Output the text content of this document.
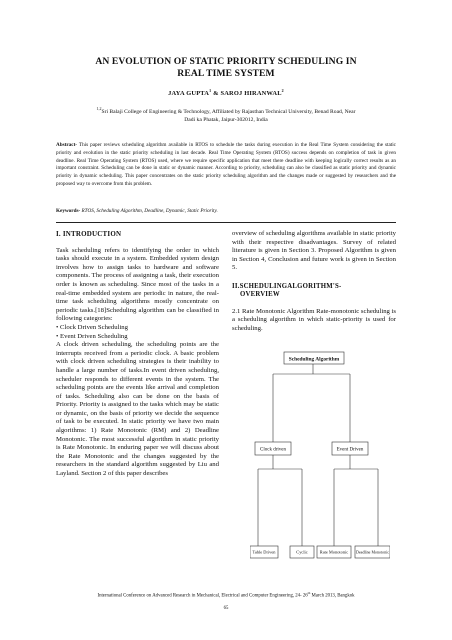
AN EVOLUTION OF STATIC PRIORITY SCHEDULING IN
REAL TIME SYSTEM
JAYA GUPTA$^1$ & SAROJ HIRANWAL$^2$
$^{1,2}$Sri Balaji College of Engineering & Technology, Affiliated by Rajasthan Technical University, Benad Road, Near Dadi ka Phatak, Jaipur-302012, India
Abstract- This paper reviews scheduling algorithm available in RTOS to schedule the tasks during execution in the Real Time System considering the static priority and evolution in the static priority scheduling in last decade. Real Time Operating System (RTOS) success depends on completion of task in given deadline. Real Time Operating System (RTOS) used, where we require specific application that meet there deadline with keeping logically correct results as an important constraint. Scheduling can be done in static or dynamic manner. According to priority, scheduling can also be classified as static priority and dynamic priority in dynamic scheduling. This paper concentrates on the static priority scheduling algorithm and the changes made or suggested by researchers and the proposed way to overcome from this problem.
Keywords- RTOS, Scheduling Algorithm, Deadline, Dynamic, Static Priority.
I. INTRODUCTION

Task scheduling refers to identifying the order in which tasks should execute in a system. Embedded system design involves how to assign tasks to hardware and software components. The process of assigning a task, their execution order is known as scheduling. Since most of the tasks in a real-time embedded system are periodic in nature, the real-time task scheduling algorithms mostly concentrate on periodic tasks.[18]Scheduling algorithm can be classified in following categories:

• Clock Driven Scheduling

• Event Driven Scheduling

A clock driven scheduling, the scheduling points are the interrupts received from a periodic clock. A basic problem with clock driven scheduling strategies is their inability to handle a large number of tasks.In event driven scheduling, scheduler responds to different events in the system. The scheduling points are the events like arrival and completion of tasks. Scheduling also can be done on the basis of Priority. Priority is assigned to the tasks which may be static or dynamic, on the basis of priority we decide the sequence of task to be executed. In static priority we have two main algorithms: 1) Rate Monotonic (RM) and 2) Deadline Monotonic. The most successful algorithm in static priority is Rate Monotonic. In enduring paper we will discuss about the Rate Monotonic and the changes suggested by the researchers in the standard algorithm suggested by Liu and Layland. Section 2 of this paper describes

overview of scheduling algorithms available in static priority with their respective disadvantages. Survey of related literature is given in Section 3. Proposed Algorithm is given in Section 4, Conclusion and future work is given in Section 5.

II.SCHEDULINGALGORITHM'S-
OVERVIEW

2.1 Rate Monotonic Algorithm Rate-monotonic scheduling is a scheduling algorithm in which static-priority is used for scheduling.

Scheduling Algorithm
Clock driven	Event Driven
Table Driven	Cyclic	Rate Monotonic Deadline Monotonic
International Conference on Advanced Research in Mechanical, Electrical and Computer Engineering, 24- 26th March 2013, Bangkok
65
